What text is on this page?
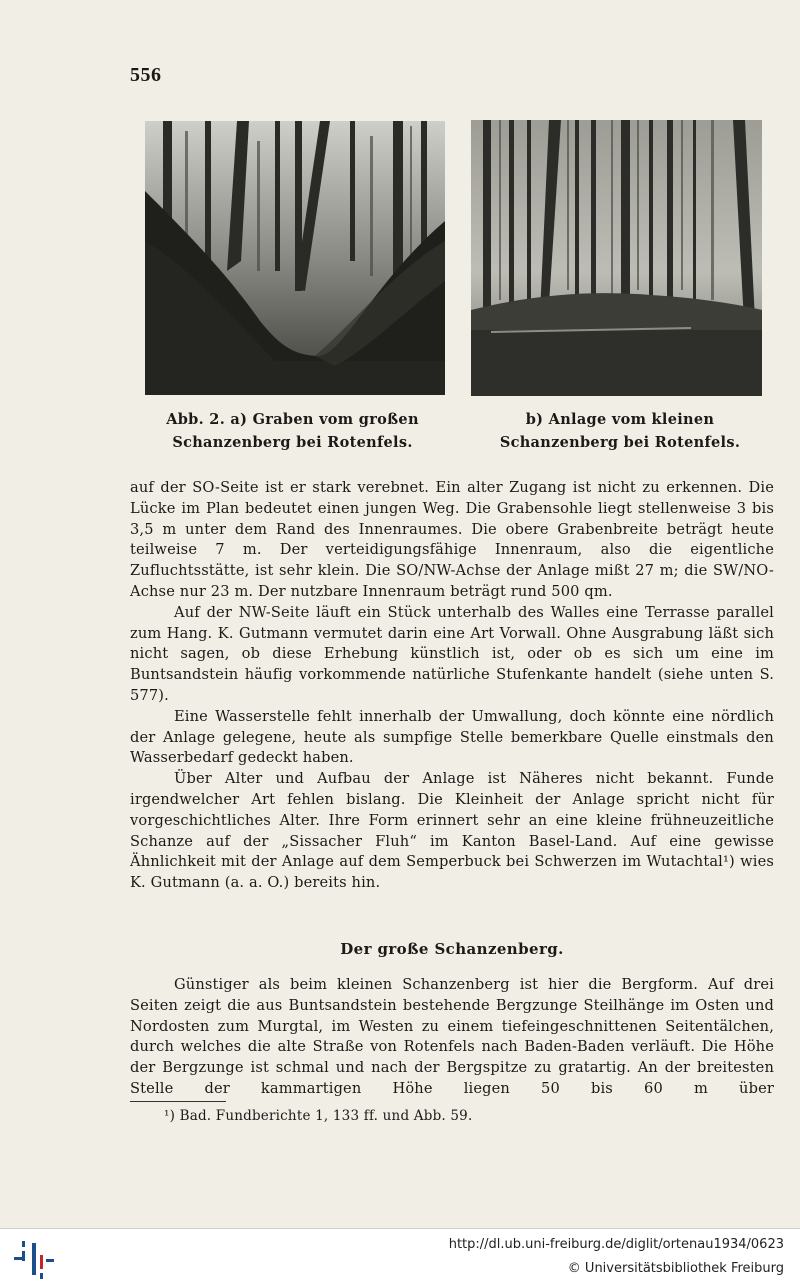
556
Abb. 2. a) Graben vom großen
Schanzenberg bei Rotenfels.
b) Anlage vom kleinen
Schanzenberg bei Rotenfels.

auf der SO-Seite ist er stark verebnet. Ein alter Zugang ist nicht zu erkennen. Die Lücke im Plan bedeutet einen jungen Weg. Die Grabensohle liegt stellenweise 3 bis 3,5 m unter dem Rand des Innenraumes. Die obere Grabenbreite beträgt heute teilweise 7 m. Der verteidigungsfähige Innenraum, also die eigentliche Zufluchtsstätte, ist sehr klein. Die SO/NW-Achse der Anlage mißt 27 m; die SW/NO-Achse nur 23 m. Der nutzbare Innenraum beträgt rund 500 qm.

Auf der NW-Seite läuft ein Stück unterhalb des Walles eine Terrasse parallel zum Hang. K. Gutmann vermutet darin eine Art Vorwall. Ohne Ausgrabung läßt sich nicht sagen, ob diese Erhebung künstlich ist, oder ob es sich um eine im Buntsandstein häufig vorkommende natürliche Stufenkante handelt (siehe unten S. 577).

Eine Wasserstelle fehlt innerhalb der Umwallung, doch könnte eine nördlich der Anlage gelegene, heute als sumpfige Stelle bemerkbare Quelle einstmals den Wasserbedarf gedeckt haben.

Über Alter und Aufbau der Anlage ist Näheres nicht bekannt. Funde irgendwelcher Art fehlen bislang. Die Kleinheit der Anlage spricht nicht für vorgeschichtliches Alter. Ihre Form erinnert sehr an eine kleine frühneuzeitliche Schanze auf der „Sissacher Fluh“ im Kanton Basel-Land. Auf eine gewisse Ähnlichkeit mit der Anlage auf dem Semperbuck bei Schwerzen im Wutachtal¹) wies K. Gutmann (a. a. O.) bereits hin.

Der große Schanzenberg.

Günstiger als beim kleinen Schanzenberg ist hier die Bergform. Auf drei Seiten zeigt die aus Buntsandstein bestehende Bergzunge Steilhänge im Osten und Nordosten zum Murgtal, im Westen zu einem tiefeingeschnittenen Seitentälchen, durch welches die alte Straße von Rotenfels nach Baden-Baden verläuft. Die Höhe der Bergzunge ist schmal und nach der Bergspitze zu gratartig. An der breitesten Stelle der kammartigen Höhe liegen 50 bis 60 m über

¹) Bad. Fundberichte 1, 133 ff. und Abb. 59.
http://dl.ub.uni-freiburg.de/diglit/ortenau1934/0623
© Universitätsbibliothek Freiburg
